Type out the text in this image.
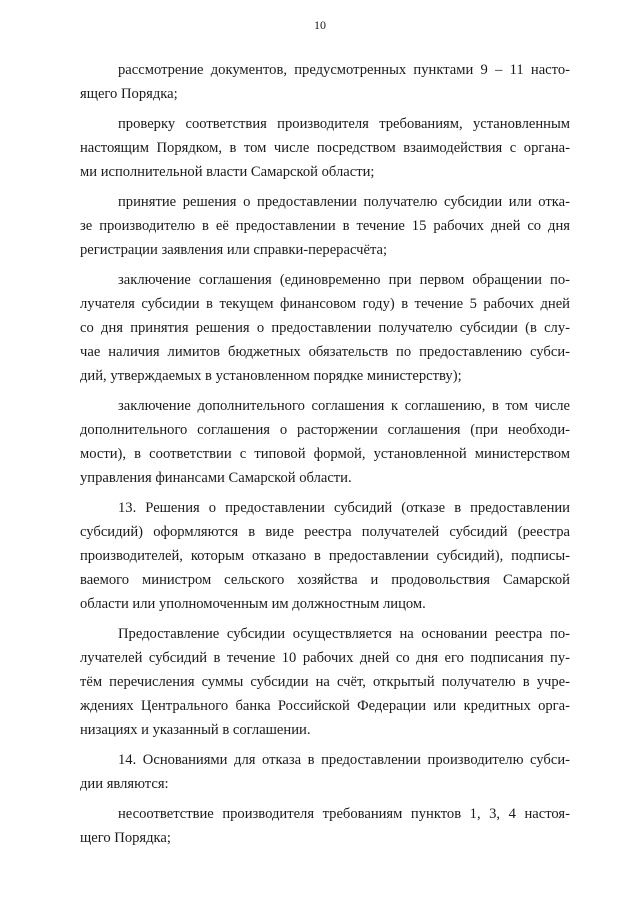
10
рассмотрение документов, предусмотренных пунктами 9 – 11 насто-
ящего Порядка;
проверку соответствия производителя требованиям, установленным
настоящим Порядком, в том числе посредством взаимодействия с органа-
ми исполнительной власти Самарской области;
принятие решения о предоставлении получателю субсидии или отка-
зе производителю в её предоставлении в течение 15 рабочих дней со дня
регистрации заявления или справки-перерасчёта;
заключение соглашения (единовременно при первом обращении по-
лучателя субсидии в текущем финансовом году) в течение 5 рабочих дней
со дня принятия решения о предоставлении получателю субсидии (в слу-
чае наличия лимитов бюджетных обязательств по предоставлению субси-
дий, утверждаемых в установленном порядке министерству);
заключение дополнительного соглашения к соглашению, в том числе
дополнительного соглашения о расторжении соглашения (при необходи-
мости), в соответствии с типовой формой, установленной министерством
управления финансами Самарской области.
13. Решения о предоставлении субсидий (отказе в предоставлении
субсидий) оформляются в виде реестра получателей субсидий (реестра
производителей, которым отказано в предоставлении субсидий), подписы-
ваемого министром сельского хозяйства и продовольствия Самарской
области или уполномоченным им должностным лицом.
Предоставление субсидии осуществляется на основании реестра по-
лучателей субсидий в течение 10 рабочих дней со дня его подписания пу-
тём перечисления суммы субсидии на счёт, открытый получателю в учре-
ждениях Центрального банка Российской Федерации или кредитных орга-
низациях и указанный в соглашении.
14. Основаниями для отказа в предоставлении производителю субси-
дии являются:
несоответствие производителя требованиям пунктов 1, 3, 4 настоя-
щего Порядка;
